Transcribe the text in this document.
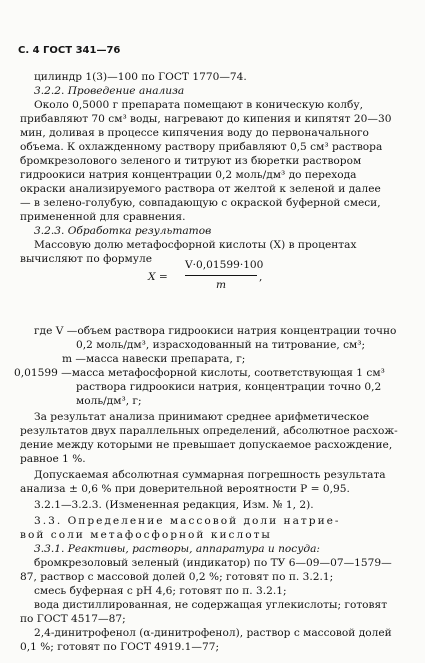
С. 4 ГОСТ 341—76
цилиндр 1(3)—100 по ГОСТ 1770—74.
3.2.2. Проведение анализа
Около 0,5000 г препарата помещают в коническую колбу,
прибавляют 70 см³ воды, нагревают до кипения и кипятят 20—30
мин, доливая в процессе кипячения воду до первоначального
объема. К охлажденному раствору прибавляют 0,5 см³ раствора
бромкрезолового зеленого и титруют из бюретки раствором
гидроокиси натрия концентрации 0,2 моль/дм³ до перехода
окраски анализируемого раствора от желтой к зеленой и далее
— в зелено-голубую, совпадающую с окраской буферной смеси,
примененной для сравнения.
3.2.3. Обработка результатов
Массовую долю метафосфорной кислоты (X) в процентах
вычисляют по формуле
X =
V·0,01599·100
m
,
где V —объем раствора гидроокиси натрия концентрации точно
0,2 моль/дм³, израсходованный на титрование, см³;
m —масса навески препарата, г;
0,01599 —масса метафосфорной кислоты, соответствующая 1 см³
раствора гидроокиси натрия, концентрации точно 0,2
моль/дм³, г;
За результат анализа принимают среднее арифметическое
результатов двух параллельных определений, абсолютное расхож-
дение между которыми не превышает допускаемое расхождение,
равное 1 %.
Допускаемая абсолютная суммарная погрешность результата
анализа ± 0,6 % при доверительной вероятности Р = 0,95.
3.2.1—3.2.3. (Измененная редакция, Изм. № 1, 2).
3.3. Определение массовой доли натрие-
вой соли метафосфорной кислоты
3.3.1. Реактивы, растворы, аппаратура и посуда:
бромкрезоловый зеленый (индикатор) по ТУ 6—09—07—1579—
87, раствор с массовой долей 0,2 %; готовят по п. 3.2.1;
смесь буферная с рН 4,6; готовят по п. 3.2.1;
вода дистиллированная, не содержащая углекислоты; готовят
по ГОСТ 4517—87;
2,4-динитрофенол (α-динитрофенол), раствор с массовой долей
0,1 %; готовят по ГОСТ 4919.1—77;
